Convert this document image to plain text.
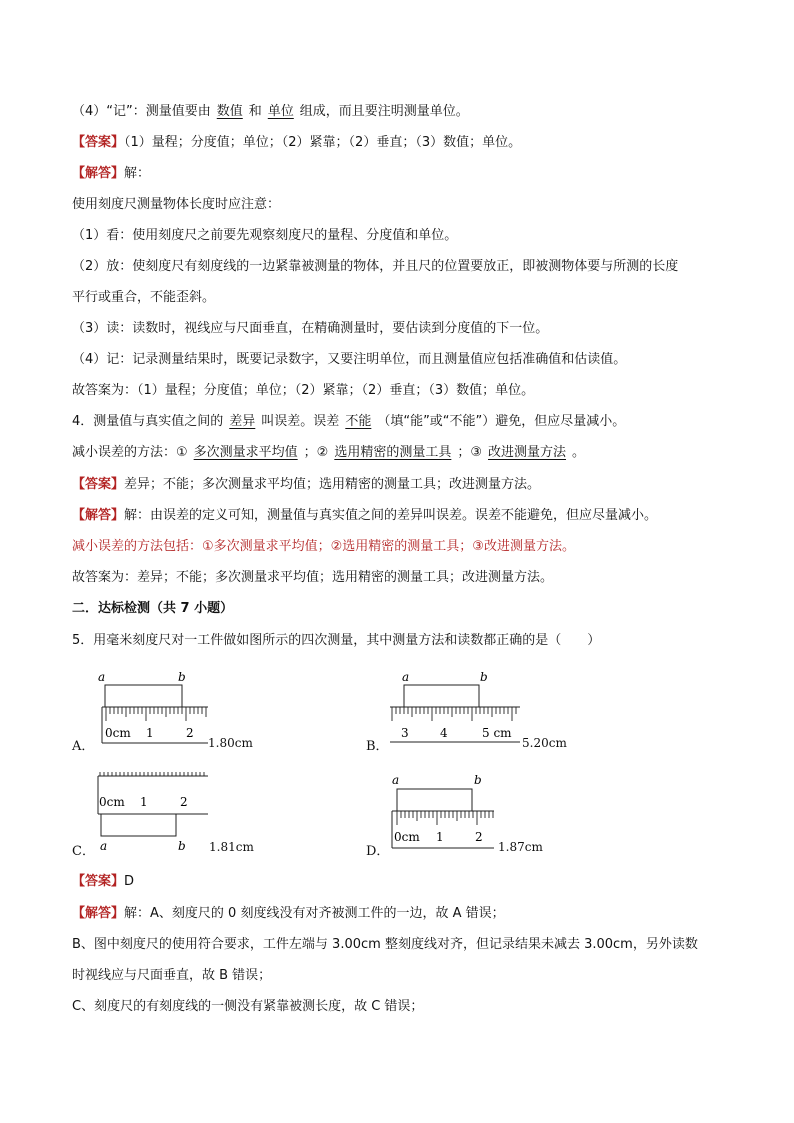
（4）“记”：测量值要由 数值 和 单位 组成，而且要注明测量单位。
【答案】（1）量程；分度值；单位；（2）紧靠；（2）垂直；（3）数值；单位。
【解答】解：
使用刻度尺测量物体长度时应注意：
（1）看：使用刻度尺之前要先观察刻度尺的量程、分度值和单位。
（2）放：使刻度尺有刻度线的一边紧靠被测量的物体，并且尺的位置要放正，即被测物体要与所测的长度
平行或重合，不能歪斜。
（3）读：读数时，视线应与尺面垂直，在精确测量时，要估读到分度值的下一位。
（4）记：记录测量结果时，既要记录数字，又要注明单位，而且测量值应包括准确值和估读值。
故答案为：（1）量程；分度值；单位；（2）紧靠；（2）垂直；（3）数值；单位。
4．测量值与真实值之间的 差异 叫误差。误差 不能 （填“能”或“不能”）避免，但应尽量减小。
减小误差的方法：① 多次测量求平均值 ；② 选用精密的测量工具 ；③ 改进测量方法 。
【答案】差异；不能；多次测量求平均值；选用精密的测量工具；改进测量方法。
【解答】解：由误差的定义可知，测量值与真实值之间的差异叫误差。误差不能避免，但应尽量减小。
减小误差的方法包括：①多次测量求平均值；②选用精密的测量工具；③改进测量方法。
故答案为：差异；不能；多次测量求平均值；选用精密的测量工具；改进测量方法。
二．达标检测（共 7 小题）
5．用毫米刻度尺对一工件做如图所示的四次测量，其中测量方法和读数都正确的是（　　）
a	b
0cm 1	2
A．	1.80cm
a	b
3	4	5 cm
B．	5.20cm
0cm 1	2
a	b
C．	1.81cm
a	b
0cm 1	2
D．	1.87cm
【答案】D
【解答】解：A、刻度尺的 0 刻度线没有对齐被测工件的一边，故 A 错误；
B、图中刻度尺的使用符合要求，工件左端与 3.00cm 整刻度线对齐，但记录结果未减去 3.00cm，另外读数
时视线应与尺面垂直，故 B 错误；
C、刻度尺的有刻度线的一侧没有紧靠被测长度，故 C 错误；
